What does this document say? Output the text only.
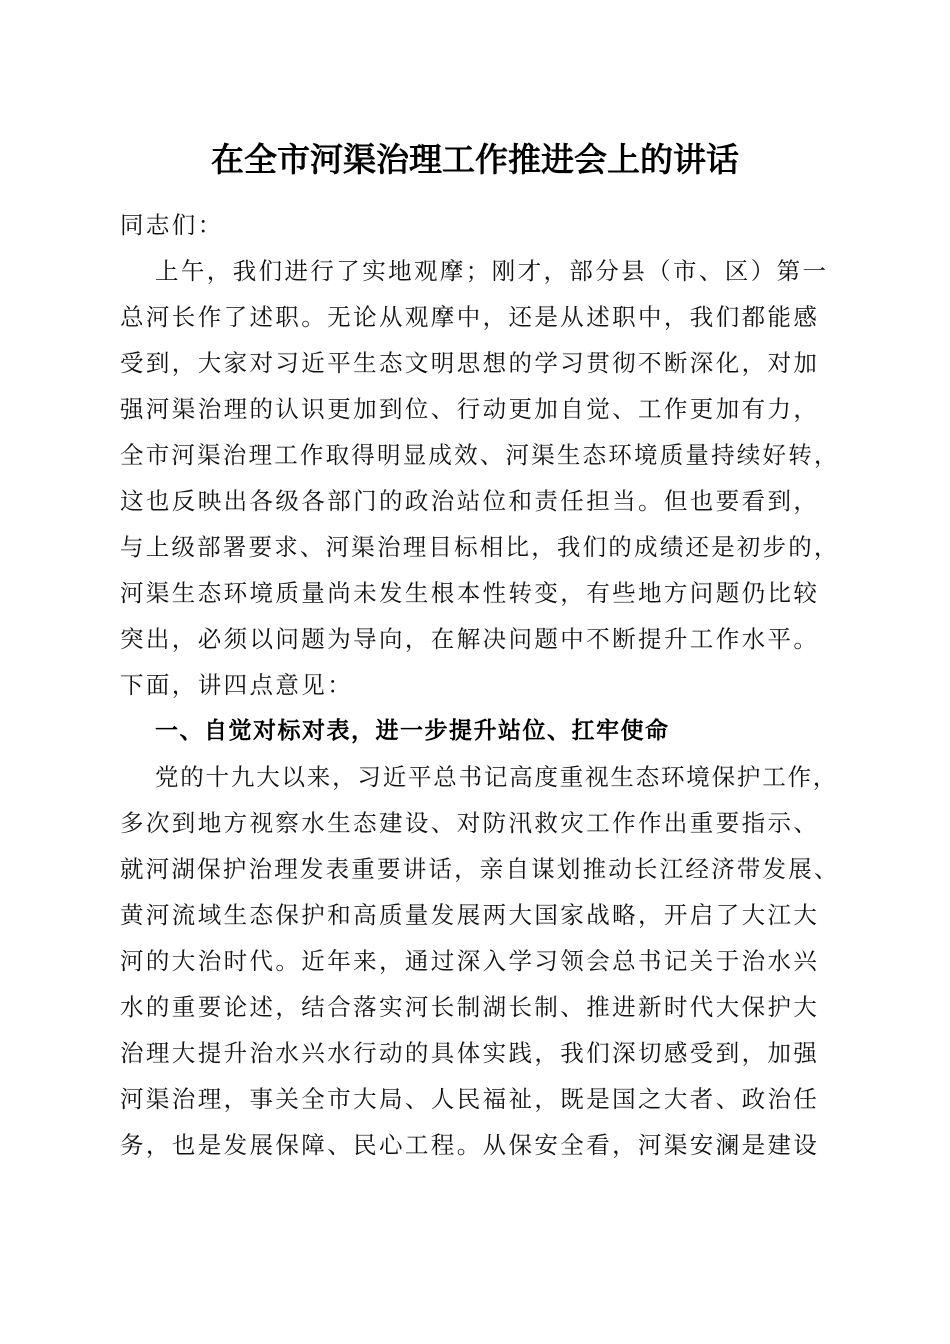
在全市河渠治理工作推进会上的讲话
同志们：
上午，我们进行了实地观摩；刚才，部分县（市、区）第一
总河长作了述职。无论从观摩中，还是从述职中，我们都能感
受到，大家对习近平生态文明思想的学习贯彻不断深化，对加
强河渠治理的认识更加到位、行动更加自觉、工作更加有力，
全市河渠治理工作取得明显成效、河渠生态环境质量持续好转，
这也反映出各级各部门的政治站位和责任担当。但也要看到，
与上级部署要求、河渠治理目标相比，我们的成绩还是初步的，
河渠生态环境质量尚未发生根本性转变，有些地方问题仍比较
突出，必须以问题为导向，在解决问题中不断提升工作水平。
下面，讲四点意见：
一、自觉对标对表，进一步提升站位、扛牢使命
党的十九大以来，习近平总书记高度重视生态环境保护工作，
多次到地方视察水生态建设、对防汛救灾工作作出重要指示、
就河湖保护治理发表重要讲话，亲自谋划推动长江经济带发展、
黄河流域生态保护和高质量发展两大国家战略，开启了大江大
河的大治时代。近年来，通过深入学习领会总书记关于治水兴
水的重要论述，结合落实河长制湖长制、推进新时代大保护大
治理大提升治水兴水行动的具体实践，我们深切感受到，加强
河渠治理，事关全市大局、人民福祉，既是国之大者、政治任
务，也是发展保障、民心工程。从保安全看，河渠安澜是建设
